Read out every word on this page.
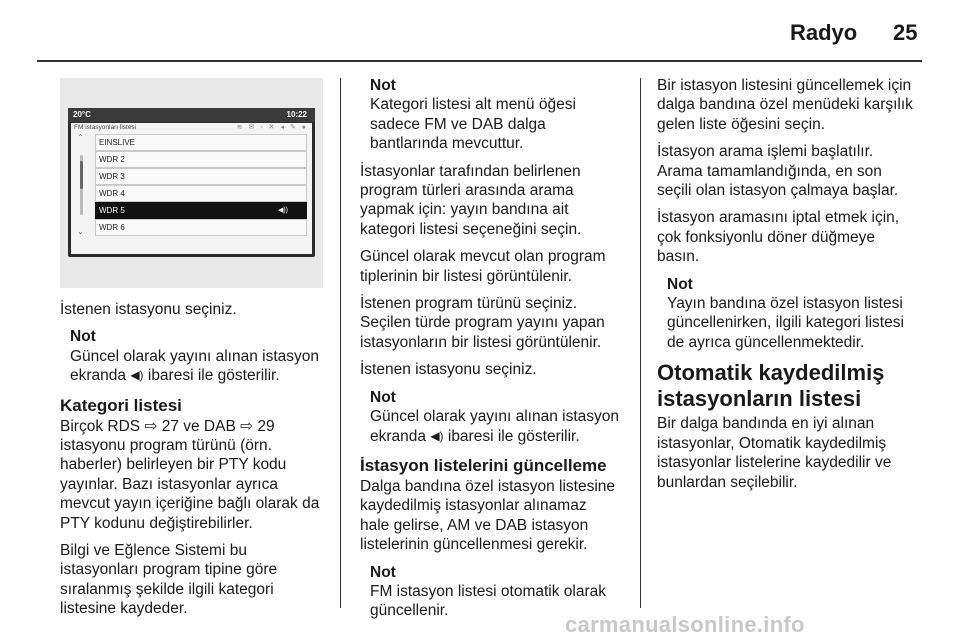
Radyo 25
20°C	10:22
FM istasyonları listesi	≋ ✉ ◦ ✕ ◂ ✎ ●
⌃
⌄
EINSLIVE
WDR 2
WDR 3
WDR 4
WDR 5	◀))
WDR 6

İstenen istasyonu seçiniz.

Not
Güncel olarak yayını alınan istasyon
ekranda ◀) ibaresi ile gösterilir.
Kategori listesi

Birçok RDS ⇨ 27 ve DAB ⇨ 29
istasyonu program türünü (örn.
haberler) belirleyen bir PTY kodu
yayınlar. Bazı istasyonlar ayrıca
mevcut yayın içeriğine bağlı olarak da
PTY kodunu değiştirebilirler.

Bilgi ve Eğlence Sistemi bu
istasyonları program tipine göre
sıralanmış şekilde ilgili kategori
listesine kaydeder.

Not
Kategori listesi alt menü öğesi
sadece FM ve DAB dalga
bantlarında mevcuttur.

İstasyonlar tarafından belirlenen
program türleri arasında arama
yapmak için: yayın bandına ait
kategori listesi seçeneğini seçin.

Güncel olarak mevcut olan program
tiplerinin bir listesi görüntülenir.

İstenen program türünü seçiniz.
Seçilen türde program yayını yapan
istasyonların bir listesi görüntülenir.

İstenen istasyonu seçiniz.

Not
Güncel olarak yayını alınan istasyon
ekranda ◀) ibaresi ile gösterilir.
İstasyon listelerini güncelleme

Dalga bandına özel istasyon listesine
kaydedilmiş istasyonlar alınamaz
hale gelirse, AM ve DAB istasyon
listelerinin güncellenmesi gerekir.

Not
FM istasyon listesi otomatik olarak
güncellenir.

Bir istasyon listesini güncellemek için
dalga bandına özel menüdeki karşılık
gelen liste öğesini seçin.

İstasyon arama işlemi başlatılır.
Arama tamamlandığında, en son
seçili olan istasyon çalmaya başlar.

İstasyon aramasını iptal etmek için,
çok fonksiyonlu döner düğmeye
basın.

Not
Yayın bandına özel istasyon listesi
güncellenirken, ilgili kategori listesi
de ayrıca güncellenmektedir.
Otomatik kaydedilmiş
istasyonların listesi

Bir dalga bandında en iyi alınan
istasyonlar, Otomatik kaydedilmiş
istasyonlar listelerine kaydedilir ve
bunlardan seçilebilir.

carmanualsonline.info
